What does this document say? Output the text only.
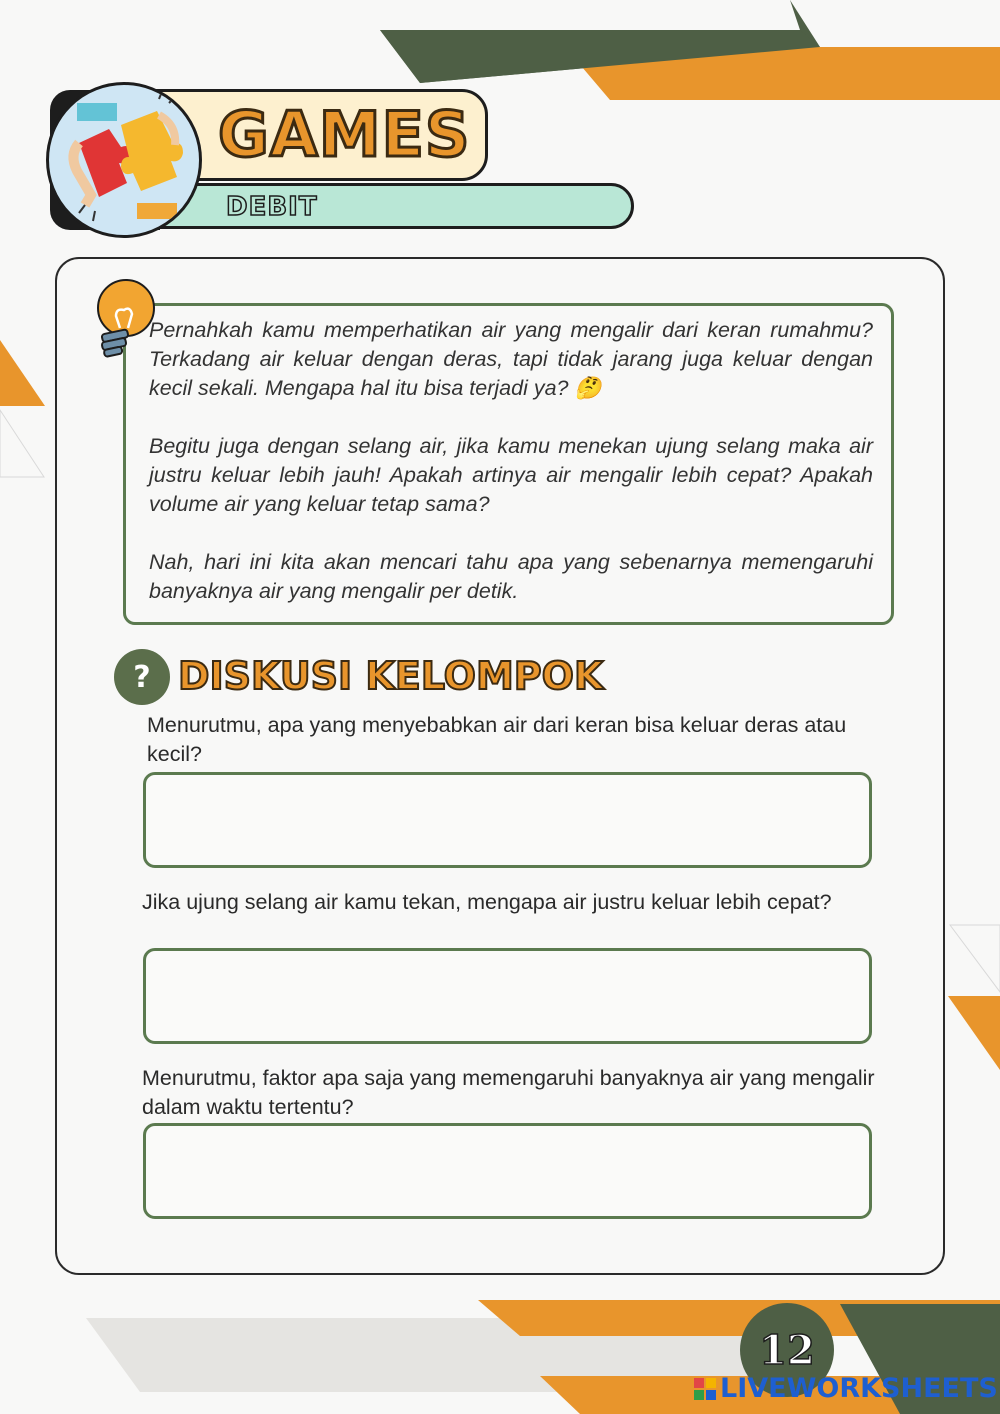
GAMES
DEBIT
Pernahkah kamu memperhatikan air yang mengalir dari keran rumahmu? Terkadang air keluar dengan deras, tapi tidak jarang juga keluar dengan kecil sekali. Mengapa hal itu bisa terjadi ya? 🤔
Begitu juga dengan selang air, jika kamu menekan ujung selang maka air justru keluar lebih jauh! Apakah artinya air mengalir lebih cepat? Apakah volume air yang keluar tetap sama?
Nah, hari ini kita akan mencari tahu apa yang sebenarnya memengaruhi banyaknya air yang mengalir per detik.
? DISKUSI KELOMPOK
Menurutmu, apa yang menyebabkan air dari keran bisa keluar deras atau kecil?
Jika ujung selang air kamu tekan, mengapa air justru keluar lebih cepat?
Menurutmu, faktor apa saja yang memengaruhi banyaknya air yang mengalir dalam waktu tertentu?
12
LIVEWORKSHEETS
